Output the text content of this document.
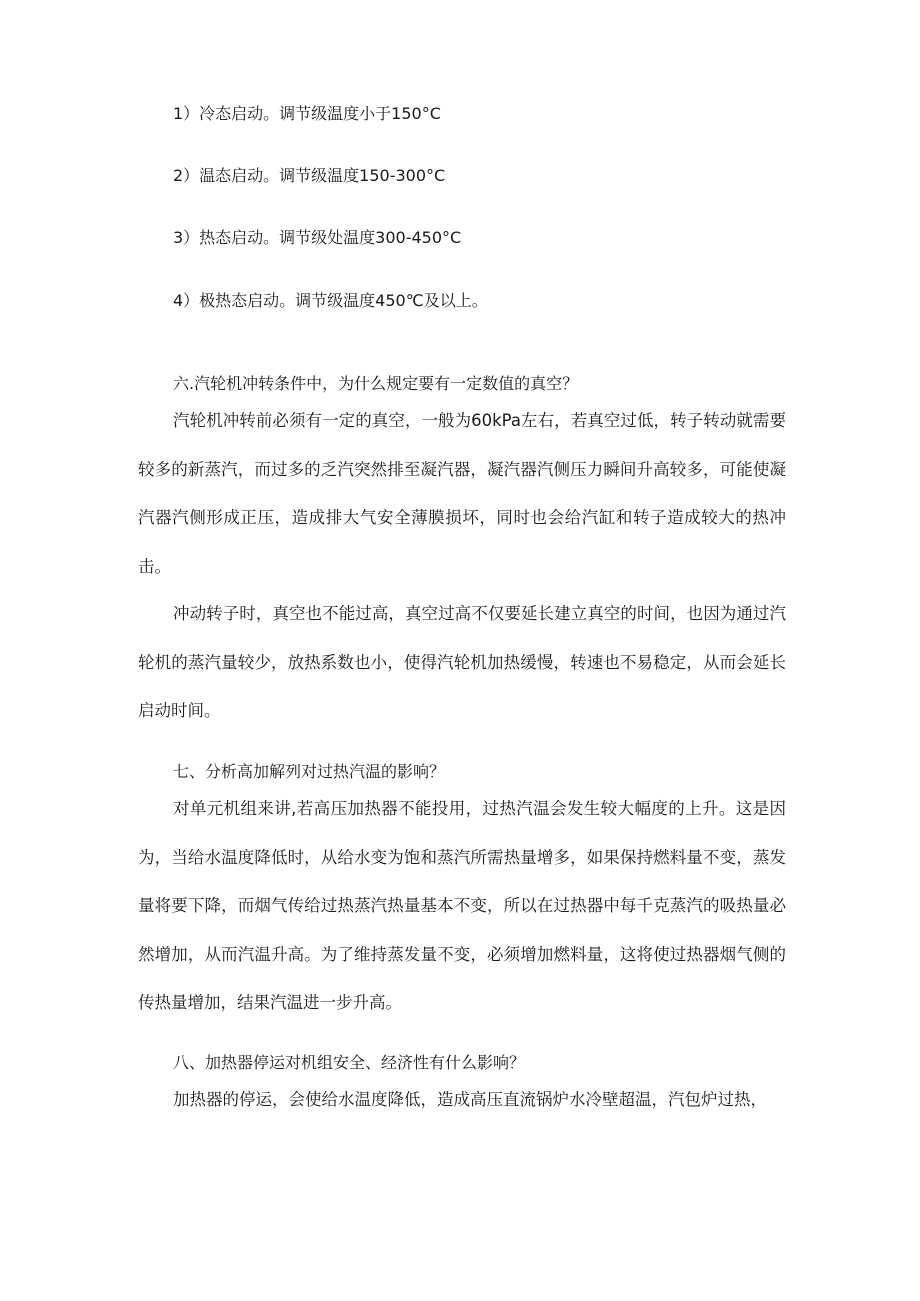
1）冷态启动。调节级温度小于150°C
2）温态启动。调节级温度150-300°C
3）热态启动。调节级处温度300-450°C
4）极热态启动。调节级温度450℃及以上。
六.汽轮机冲转条件中，为什么规定要有一定数值的真空？
汽轮机冲转前必须有一定的真空，一般为60kPa左右，若真空过低，转子转动就需要较多的新蒸汽，而过多的乏汽突然排至凝汽器，凝汽器汽侧压力瞬间升高较多，可能使凝汽器汽侧形成正压，造成排大气安全薄膜损坏，同时也会给汽缸和转子造成较大的热冲击。
冲动转子时，真空也不能过高，真空过高不仅要延长建立真空的时间，也因为通过汽轮机的蒸汽量较少，放热系数也小，使得汽轮机加热缓慢，转速也不易稳定，从而会延长启动时间。
七、分析高加解列对过热汽温的影响？
对单元机组来讲,若高压加热器不能投用，过热汽温会发生较大幅度的上升。这是因为，当给水温度降低时，从给水变为饱和蒸汽所需热量增多，如果保持燃料量不变，蒸发量将要下降，而烟气传给过热蒸汽热量基本不变，所以在过热器中每千克蒸汽的吸热量必然增加，从而汽温升高。为了维持蒸发量不变，必须增加燃料量，这将使过热器烟气侧的传热量增加，结果汽温进一步升高。
八、加热器停运对机组安全、经济性有什么影响？
加热器的停运，会使给水温度降低，造成高压直流锅炉水冷壁超温，汽包炉过热，
